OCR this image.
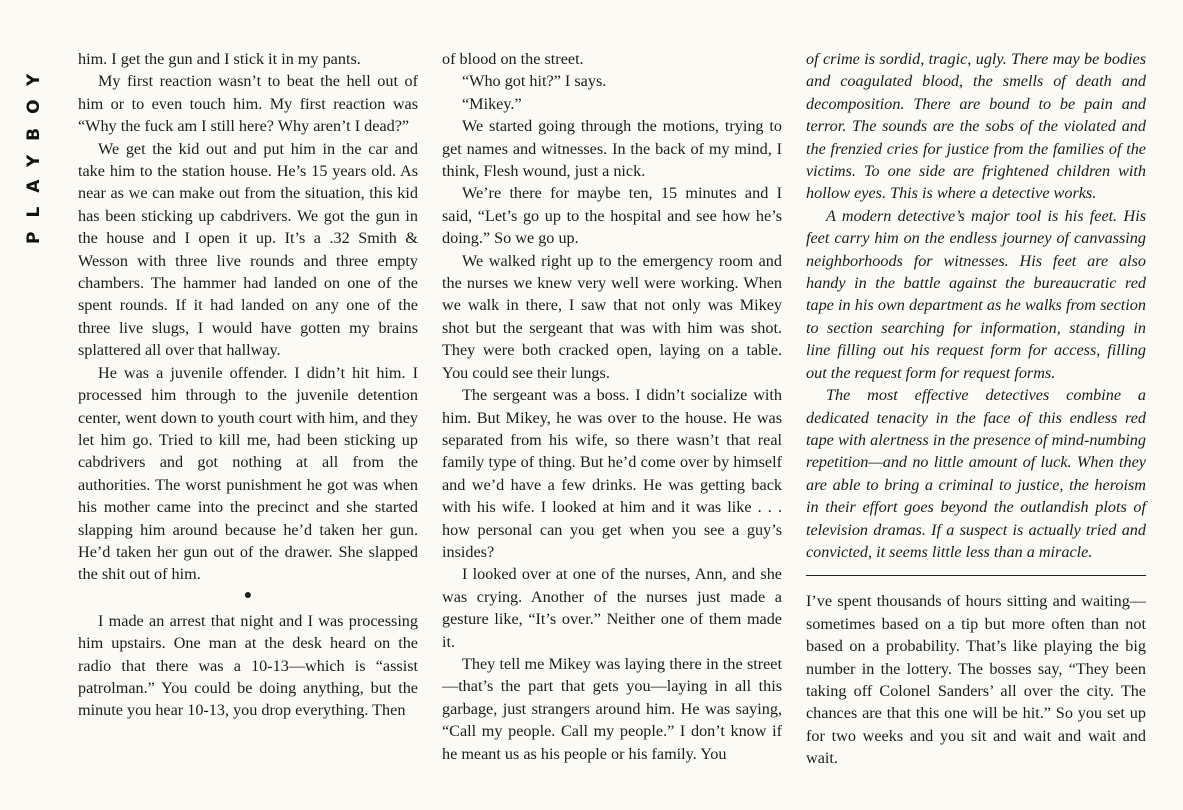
PLAYBOY

him. I get the gun and I stick it in my pants.

My first reaction wasn’t to beat the hell out of him or to even touch him. My first reaction was “Why the fuck am I still here? Why aren’t I dead?”

We get the kid out and put him in the car and take him to the station house. He’s 15 years old. As near as we can make out from the situation, this kid has been sticking up cabdrivers. We got the gun in the house and I open it up. It’s a .32 Smith & Wesson with three live rounds and three empty chambers. The hammer had landed on one of the spent rounds. If it had landed on any one of the three live slugs, I would have gotten my brains splattered all over that hallway.

He was a juvenile offender. I didn’t hit him. I processed him through to the juvenile detention center, went down to youth court with him, and they let him go. Tried to kill me, had been sticking up cabdrivers and got nothing at all from the authorities. The worst punishment he got was when his mother came into the precinct and she started slapping him around because he’d taken her gun. He’d taken her gun out of the drawer. She slapped the shit out of him.

●

I made an arrest that night and I was processing him upstairs. One man at the desk heard on the radio that there was a 10-13—which is “assist patrolman.” You could be doing anything, but the minute you hear 10-13, you drop everything. Then

of blood on the street.

“Who got hit?” I says.

“Mikey.”

We started going through the motions, trying to get names and witnesses. In the back of my mind, I think, Flesh wound, just a nick.

We’re there for maybe ten, 15 minutes and I said, “Let’s go up to the hospital and see how he’s doing.” So we go up.

We walked right up to the emergency room and the nurses we knew very well were working. When we walk in there, I saw that not only was Mikey shot but the sergeant that was with him was shot. They were both cracked open, laying on a table. You could see their lungs.

The sergeant was a boss. I didn’t socialize with him. But Mikey, he was over to the house. He was separated from his wife, so there wasn’t that real family type of thing. But he’d come over by himself and we’d have a few drinks. He was getting back with his wife. I looked at him and it was like . . . how personal can you get when you see a guy’s insides?

I looked over at one of the nurses, Ann, and she was crying. Another of the nurses just made a gesture like, “It’s over.” Neither one of them made it.

They tell me Mikey was laying there in the street—that’s the part that gets you—laying in all this garbage, just strangers around him. He was saying, “Call my people. Call my people.” I don’t know if he meant us as his people or his family. You

of crime is sordid, tragic, ugly. There may be bodies and coagulated blood, the smells of death and decomposition. There are bound to be pain and terror. The sounds are the sobs of the violated and the frenzied cries for justice from the families of the victims. To one side are frightened children with hollow eyes. This is where a detective works.

A modern detective’s major tool is his feet. His feet carry him on the endless journey of canvassing neighborhoods for witnesses. His feet are also handy in the battle against the bureaucratic red tape in his own department as he walks from section to section searching for information, standing in line filling out his request form for access, filling out the request form for request forms.

The most effective detectives combine a dedicated tenacity in the face of this endless red tape with alertness in the presence of mind-numbing repetition—and no little amount of luck. When they are able to bring a criminal to justice, the heroism in their effort goes beyond the outlandish plots of television dramas. If a suspect is actually tried and convicted, it seems little less than a miracle.

I’ve spent thousands of hours sitting and waiting—sometimes based on a tip but more often than not based on a probability. That’s like playing the big number in the lottery. The bosses say, “They been taking off Colonel Sanders’ all over the city. The chances are that this one will be hit.” So you set up for two weeks and you sit and wait and wait and wait.
